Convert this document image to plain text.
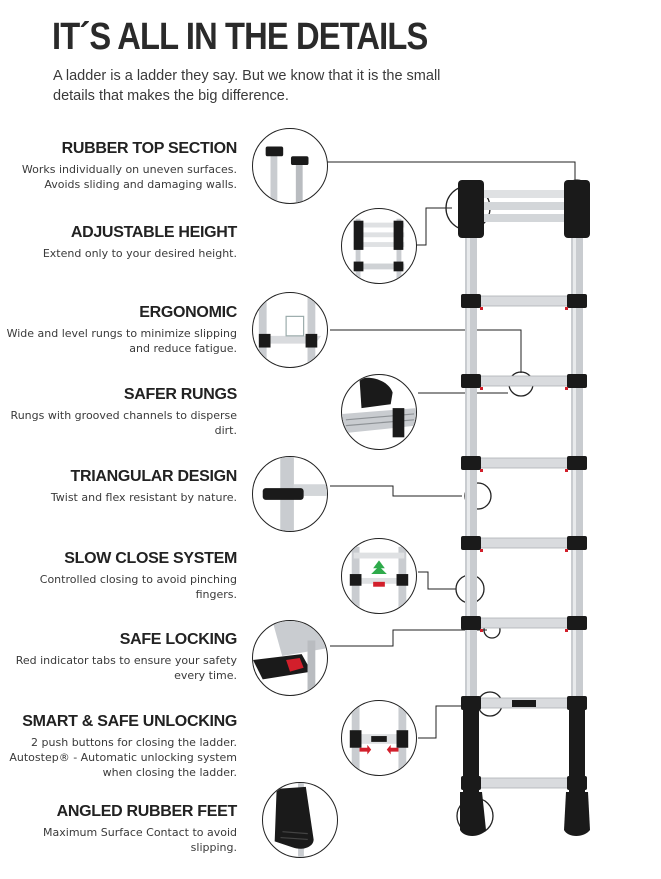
IT´S ALL IN THE DETAILS

A ladder is a ladder they say. But we know that it is the small details that makes the big difference.

RUBBER TOP SECTION

Works individually on uneven surfaces. Avoids sliding and damaging walls.

ADJUSTABLE HEIGHT

Extend only to your desired height.

ERGONOMIC

Wide and level rungs to minimize slipping and reduce fatigue.

SAFER RUNGS

Rungs with grooved channels to disperse dirt.

TRIANGULAR DESIGN

Twist and flex resistant by nature.

SLOW CLOSE SYSTEM

Controlled closing to avoid pinching fingers.

SAFE LOCKING

Red indicator tabs to ensure your safety every time.

SMART & SAFE UNLOCKING

2 push buttons for closing the ladder. Autostep® - Automatic unlocking system when closing the ladder.

ANGLED RUBBER FEET

Maximum Surface Contact to avoid slipping.
